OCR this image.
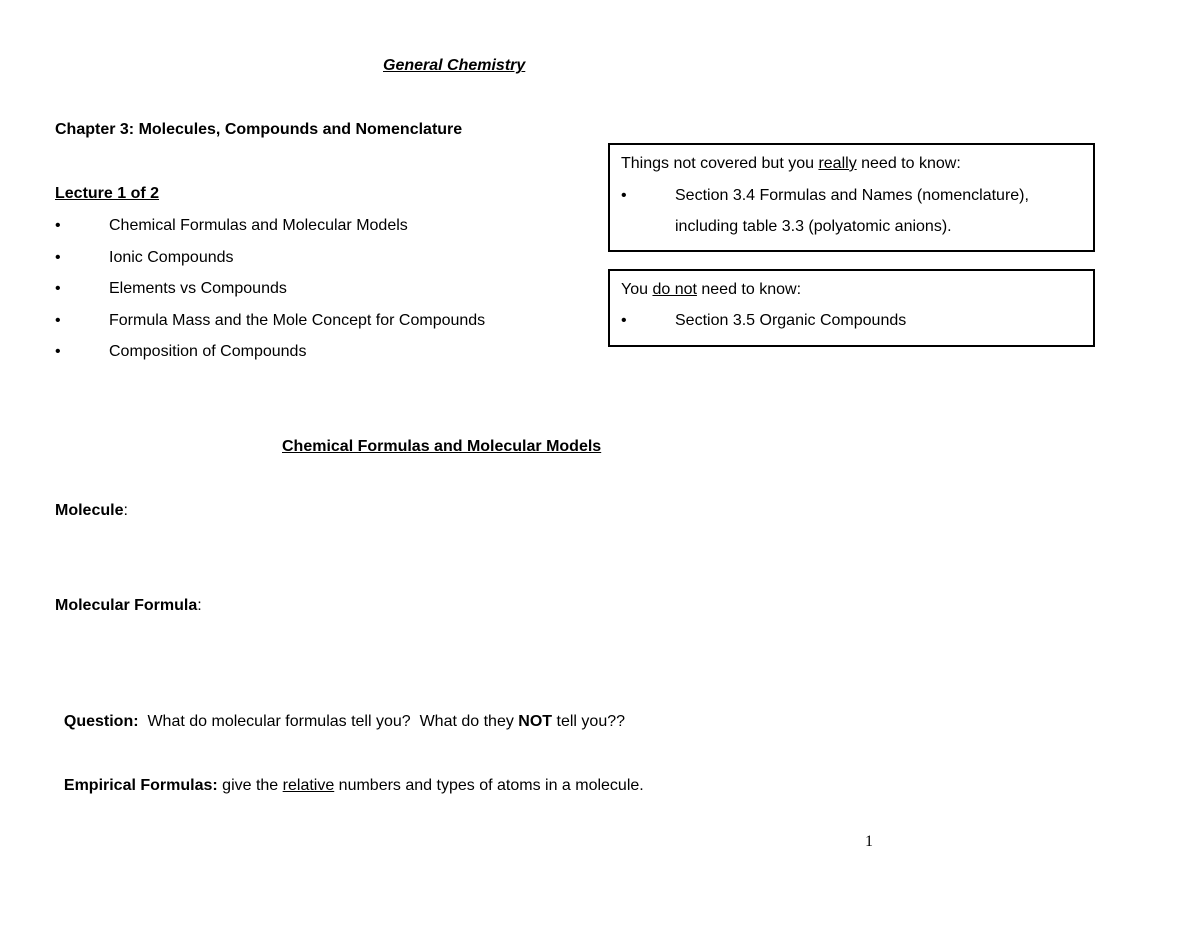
General Chemistry
Chapter 3: Molecules, Compounds and Nomenclature
Lecture 1 of 2
•	Chemical Formulas and Molecular Models
•	Ionic Compounds
•	Elements vs Compounds
•	Formula Mass and the Mole Concept for Compounds
•	Composition of Compounds
Things not covered but you really need to know:
•	Section 3.4 Formulas and Names (nomenclature),
including table 3.3 (polyatomic anions).
You do not need to know:
•	Section 3.5 Organic Compounds
Chemical Formulas and Molecular Models
Molecule:
Molecular Formula:

Question:  What do molecular formulas tell you?  What do they NOT tell you??

Empirical Formulas: give the relative numbers and types of atoms in a molecule.

1
